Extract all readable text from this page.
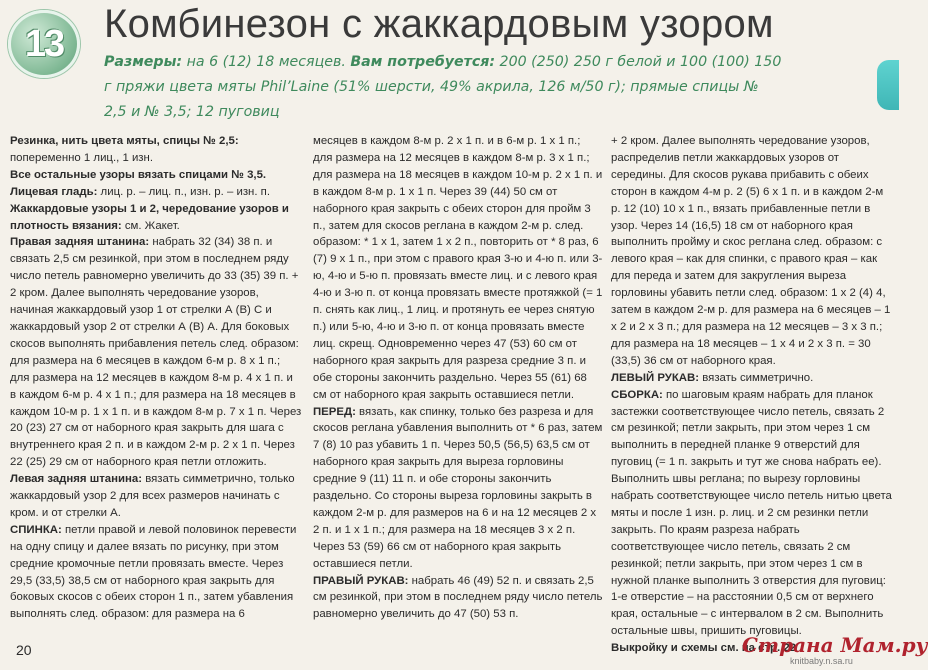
13 Комбинезон с жаккардовым узором
Размеры: на 6 (12) 18 месяцев. Вам потребуется: 200 (250) 250 г белой и 100 (100) 150 г пряжи цвета мяты Phil’Laine (51% шерсти, 49% акрила, 126 м/50 г); прямые спицы № 2,5 и № 3,5; 12 пуговиц

Резинка, нить цвета мяты, спицы № 2,5: попеременно 1 лиц., 1 изн.

Все остальные узоры вязать спицами № 3,5.

Лицевая гладь: лиц. р. – лиц. п., изн. р. – изн. п.

Жаккардовые узоры 1 и 2, чередование узоров и плотность вязания: см. Жакет.

Правая задняя штанина: набрать 32 (34) 38 п. и связать 2,5 см резинкой, при этом в последнем ряду число петель равномерно увеличить до 33 (35) 39 п. + 2 кром. Далее выполнять чередование узоров, начиная жаккардовый узор 1 от стрелки А (В) С и жаккардовый узор 2 от стрелки А (В) А. Для боковых скосов выполнять прибавления петель след. образом: для размера на 6 месяцев в каждом 6-м р. 8 х 1 п.; для размера на 12 месяцев в каждом 8-м р. 4 х 1 п. и в каждом 6-м р. 4 х 1 п.; для размера на 18 месяцев в каждом 10-м р. 1 х 1 п. и в каждом 8-м р. 7 х 1 п. Через 20 (23) 27 см от наборного края закрыть для шага с внутреннего края 2 п. и в каждом 2-м р. 2 х 1 п. Через 22 (25) 29 см от наборного края петли отложить.

Левая задняя штанина: вязать симметрично, только жаккардовый узор 2 для всех размеров начинать с кром. и от стрелки А.

СПИНКА: петли правой и левой половинок перевести на одну спицу и далее вязать по рисунку, при этом средние кромочные петли провязать вместе. Через 29,5 (33,5) 38,5 см от наборного края закрыть для боковых скосов с обеих сторон 1 п., затем убавления выполнять след. образом: для размера на 6

месяцев в каждом 8-м р. 2 х 1 п. и в 6-м р. 1 х 1 п.; для размера на 12 месяцев в каждом 8-м р. 3 х 1 п.; для размера на 18 месяцев в каждом 10-м р. 2 х 1 п. и в каждом 8-м р. 1 х 1 п. Через 39 (44) 50 см от наборного края закрыть с обеих сторон для пройм 3 п., затем для скосов реглана в каждом 2-м р. след. образом: * 1 х 1, затем 1 х 2 п., повторить от * 8 раз, 6 (7) 9 х 1 п., при этом с правого края 3-ю и 4-ю п. или 3-ю, 4-ю и 5-ю п. провязать вместе лиц. и с левого края 4-ю и 3-ю п. от конца провязать вместе протяжкой (= 1 п. снять как лиц., 1 лиц. и протянуть ее через снятую п.) или 5-ю, 4-ю и 3-ю п. от конца провязать вместе лиц. скрещ. Одновременно через 47 (53) 60 см от наборного края закрыть для разреза средние 3 п. и обе стороны закончить раздельно. Через 55 (61) 68 см от наборного края закрыть оставшиеся петли.

ПЕРЕД: вязать, как спинку, только без разреза и для скосов реглана убавления выполнить от * 6 раз, затем 7 (8) 10 раз убавить 1 п. Через 50,5 (56,5) 63,5 см от наборного края закрыть для выреза горловины средние 9 (11) 11 п. и обе стороны закончить раздельно. Со стороны выреза горловины закрыть в каждом 2-м р. для размеров на 6 и на 12 месяцев 2 х 2 п. и 1 х 1 п.; для размера на 18 месяцев 3 х 2 п. Через 53 (59) 66 см от наборного края закрыть оставшиеся петли.

ПРАВЫЙ РУКАВ: набрать 46 (49) 52 п. и связать 2,5 см резинкой, при этом в последнем ряду число петель равномерно увеличить до 47 (50) 53 п.

+ 2 кром. Далее выполнять чередование узоров, распределив петли жаккардовых узоров от середины. Для скосов рукава прибавить с обеих сторон в каждом 4-м р. 2 (5) 6 х 1 п. и в каждом 2-м р. 12 (10) 10 х 1 п., вязать прибавленные петли в узор. Через 14 (16,5) 18 см от наборного края выполнить пройму и скос реглана след. образом: с левого края – как для спинки, с правого края – как для переда и затем для закругления выреза горловины убавить петли след. образом: 1 х 2 (4) 4, затем в каждом 2-м р. для размера на 6 месяцев – 1 х 2 и 2 х 3 п.; для размера на 12 месяцев – 3 х 3 п.; для размера на 18 месяцев – 1 х 4 и 2 х 3 п. = 30 (33,5) 36 см от наборного края.

ЛЕВЫЙ РУКАВ: вязать симметрично.

СБОРКА: по шаговым краям набрать для планок застежки соответствующее число петель, связать 2 см резинкой; петли закрыть, при этом через 1 см выполнить в передней планке 9 отверстий для пуговиц (= 1 п. закрыть и тут же снова набрать ее). Выполнить швы реглана; по вырезу горловины набрать соответствующее число петель нитью цвета мяты и после 1 изн. р. лиц. и 2 см резинки петли закрыть. По краям разреза набрать соответствующее число петель, связать 2 см резинкой; петли закрыть, при этом через 1 см в нужной планке выполнить 3 отверстия для пуговиц: 1-е отверстие – на расстоянии 0,5 см от верхнего края, остальные – с интервалом в 2 см. Выполнить остальные швы, пришить пуговицы.

Выкройку и схемы см. на стр. 22

20	Страна Мам.ру
knitbaby.n.sa.ru
